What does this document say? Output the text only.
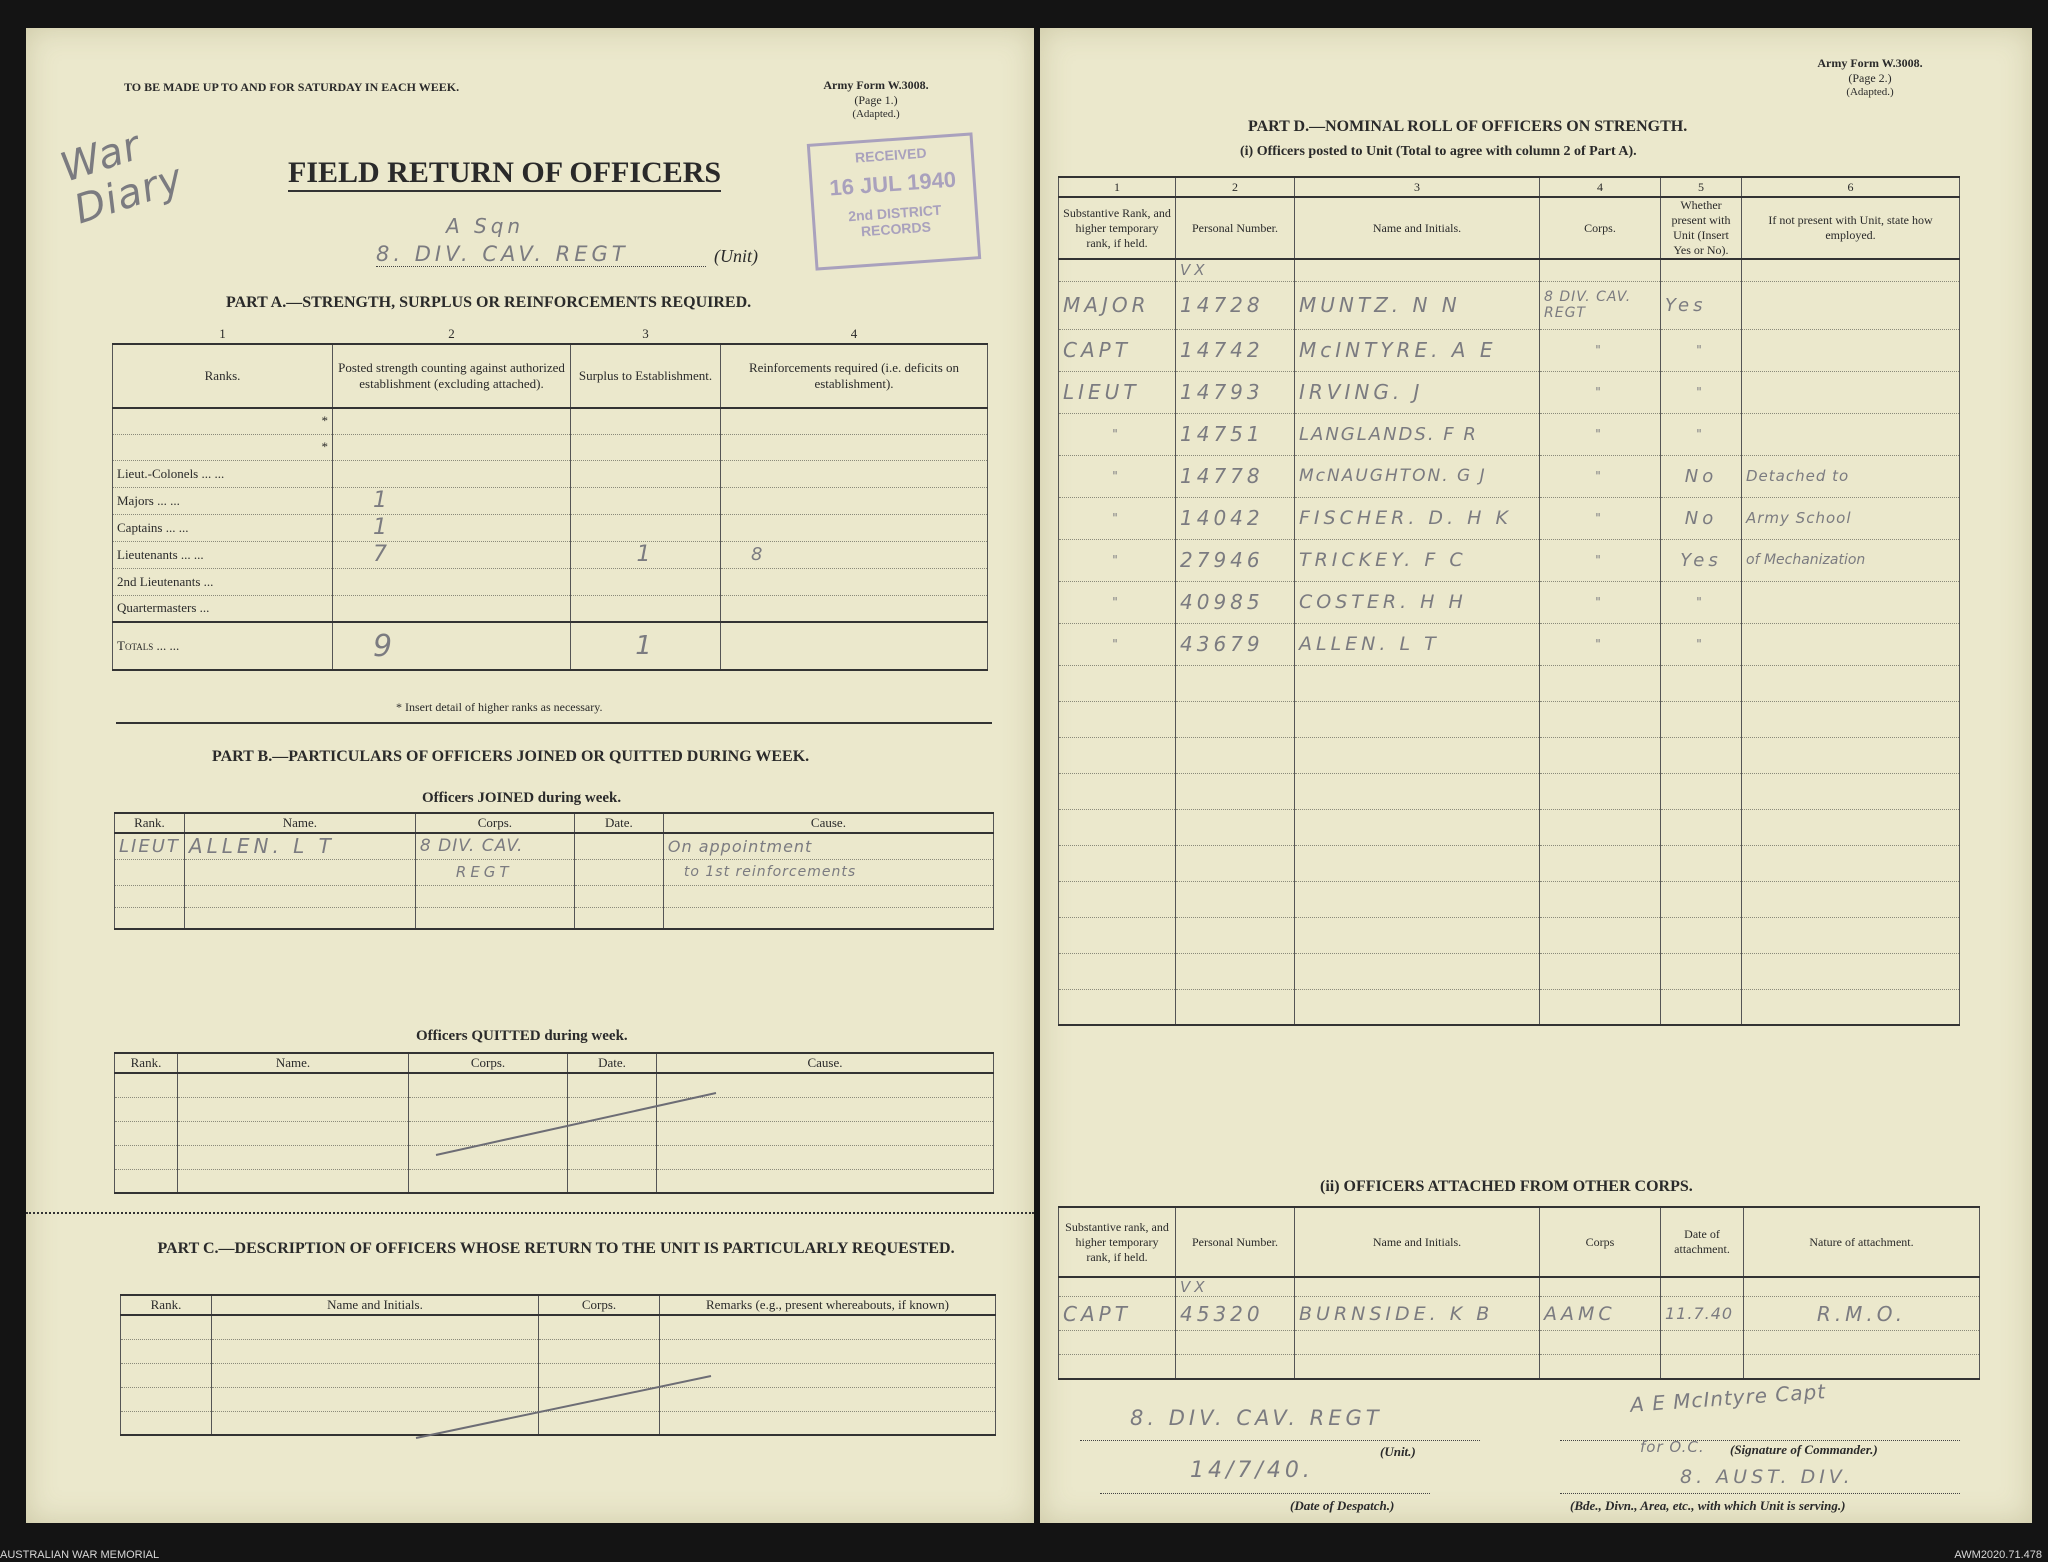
TO BE MADE UP TO AND FOR SATURDAY IN EACH WEEK.	Army Form W.3008.
(Page 1.)
(Adapted.)
War Diary	FIELD RETURN OF OFFICERS
A Sqn
8. DIV. CAV. REGT	(Unit)
RECEIVED
16 JUL 1940
2nd DISTRICT
RECORDS
PART A.—STRENGTH, SURPLUS OR REINFORCEMENTS REQUIRED.
1	2	3	4
Ranks.	Posted strength counting against authorized establishment (excluding attached).	Surplus to Establishment.	Reinforcements required (i.e. deficits on establishment).
*			
*			
Lieut.-Colonels ... ...			
Majors ... ...	1		
Captains ... ...	1		
Lieutenants ... ...	7	1	8
2nd Lieutenants ...			
Quartermasters ...			
Totals ... ...	9	1	
* Insert detail of higher ranks as necessary.
PART B.—PARTICULARS OF OFFICERS JOINED OR QUITTED DURING WEEK.
Officers JOINED during week.
Rank.	Name.	Corps.	Date.	Cause.
LIEUT	ALLEN. L T	8 DIV. CAV.		On appointment
		REGT		to 1st reinforcements

Officers QUITTED during week.
Rank.	Name.	Corps.	Date.	Cause.

PART C.—DESCRIPTION OF OFFICERS WHOSE RETURN TO THE UNIT IS PARTICULARLY REQUESTED.
Rank.	Name and Initials.	Corps.	Remarks (e.g., present whereabouts, if known)

Army Form W.3008.
(Page 2.)
(Adapted.)
PART D.—NOMINAL ROLL OF OFFICERS ON STRENGTH.
(i) Officers posted to Unit (Total to agree with column 2 of Part A).
1	2	3	4	5	6
Substantive Rank, and higher temporary rank, if held.	Personal Number.	Name and Initials.	Corps.	Whether present with Unit (Insert Yes or No).	If not present with Unit, state how employed.
	VX				
MAJOR	14728	MUNTZ. N N	8 DIV. CAV. REGT	Yes	
CAPT	14742	McINTYRE. A E	"	"	
LIEUT	14793	IRVING. J	"	"	
"	14751	LANGLANDS. F R	"	"	
"	14778	McNAUGHTON. G J	"	No	Detached to
"	14042	FISCHER. D. H K	"	No	Army School
"	27946	TRICKEY. F C	"	Yes	of Mechanization
"	40985	COSTER. H H	"	"	
"	43679	ALLEN. L T	"	"	

(ii) OFFICERS ATTACHED FROM OTHER CORPS.
Substantive rank, and higher temporary rank, if held.	Personal Number.	Name and Initials.	Corps	Date of attachment.	Nature of attachment.
	VX				
CAPT	45320	BURNSIDE. K B	AAMC	11.7.40	R.M.O.

8. DIV. CAV. REGT
(Unit.)
14/7/40.
(Date of Despatch.)
A E McIntyre Capt
for O.C. (Signature of Commander.)
8. AUST. DIV.
(Bde., Divn., Area, etc., with which Unit is serving.)
AUSTRALIAN WAR MEMORIAL	AWM2020.71.478
